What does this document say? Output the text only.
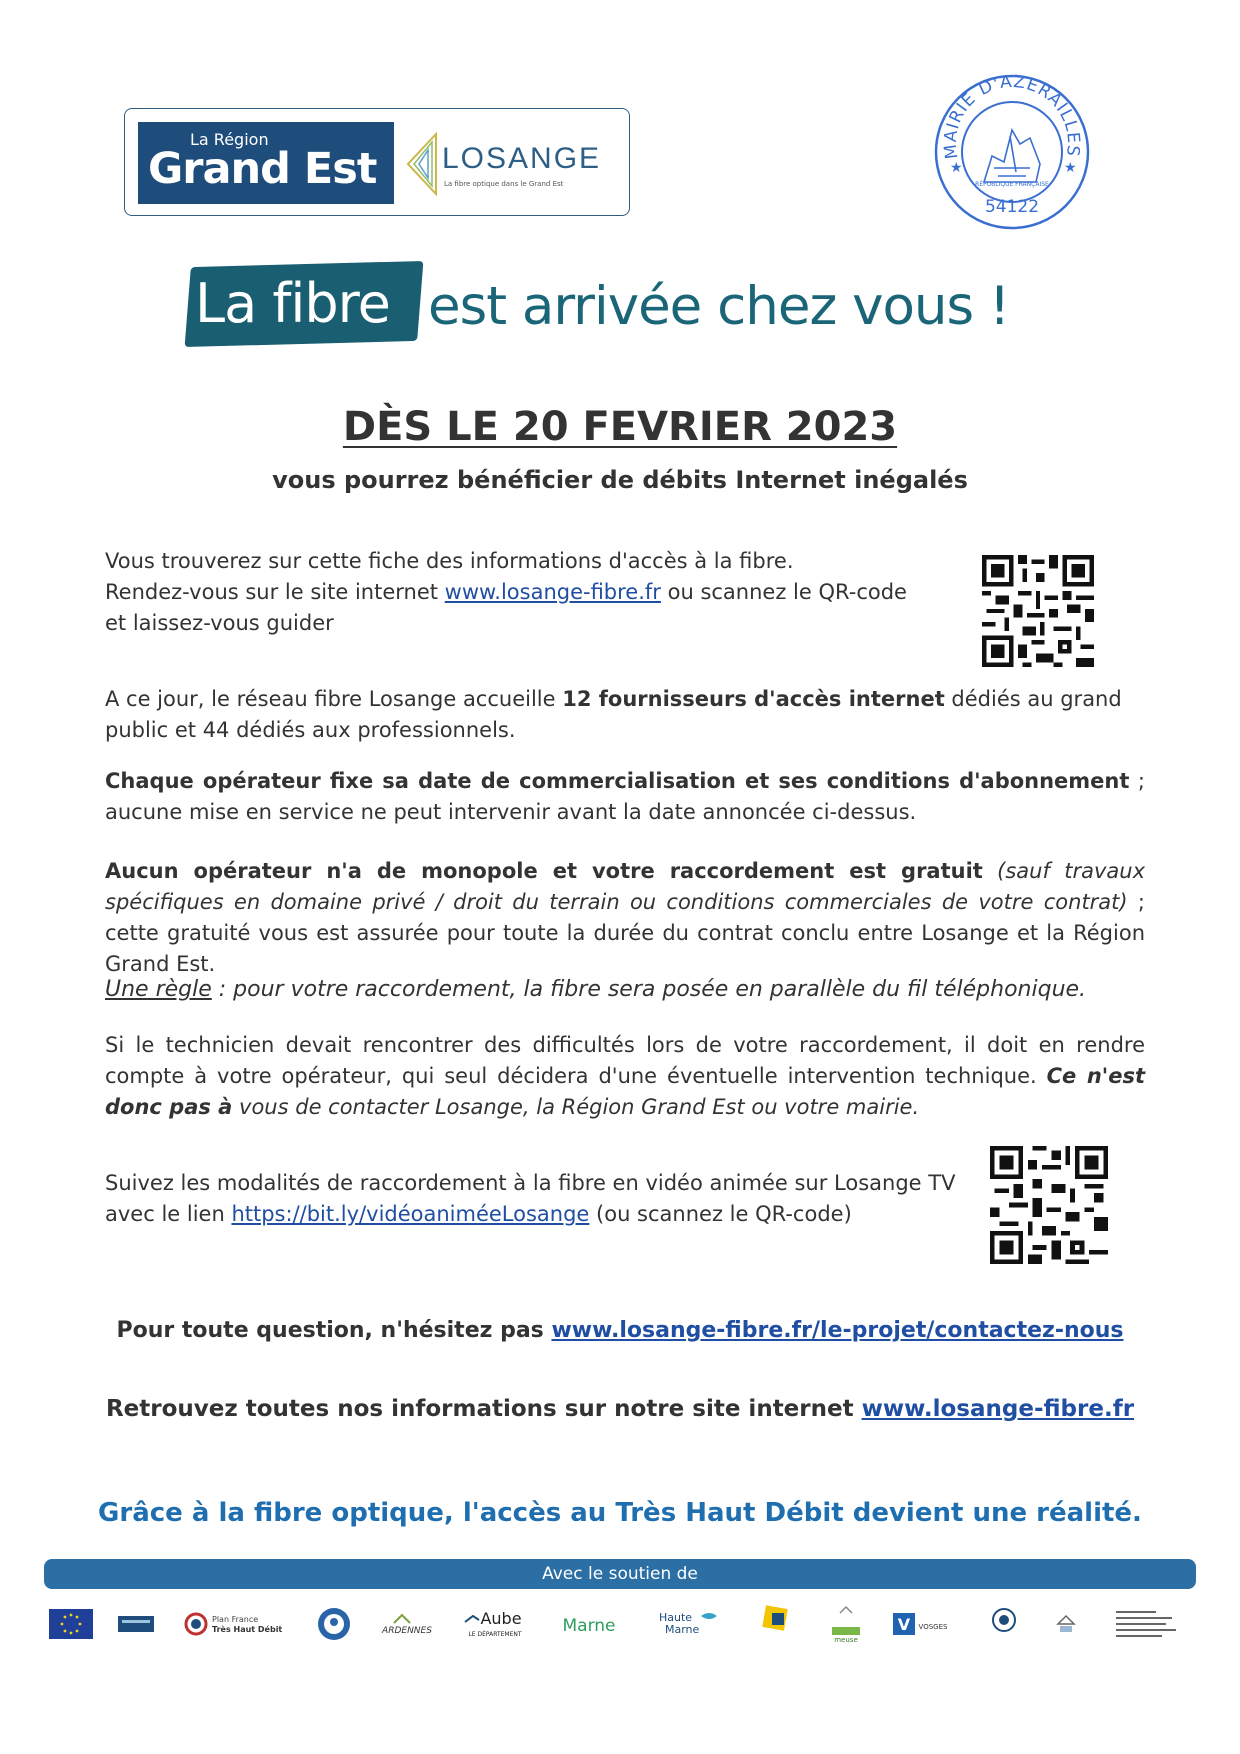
La Région
Grand Est LOSANGE
La fibre optique dans le Grand Est
MAIRIE D'AZERAILLES
★	★
RÉPUBLIQUE FRANÇAISE
54122
La fibre est arrivée chez vous !
DÈS LE 20 FEVRIER 2023
vous pourrez bénéficier de débits Internet inégalés
Vous trouverez sur cette fiche des informations d'accès à la fibre.
Rendez-vous sur le site internet www.losange-fibre.fr ou scannez le QR-code
et laissez-vous guider
A ce jour, le réseau fibre Losange accueille 12 fournisseurs d'accès internet dédiés au grand public et 44 dédiés aux professionnels.
Chaque opérateur fixe sa date de commercialisation et ses conditions d'abonnement ; aucune mise en service ne peut intervenir avant la date annoncée ci-dessus.
Aucun opérateur n'a de monopole et votre raccordement est gratuit (sauf travaux spécifiques en domaine privé / droit du terrain ou conditions commerciales de votre contrat) ; cette gratuité vous est assurée pour toute la durée du contrat conclu entre Losange et la Région Grand Est.
Une règle : pour votre raccordement, la fibre sera posée en parallèle du fil téléphonique.
Si le technicien devait rencontrer des difficultés lors de votre raccordement, il doit en rendre compte à votre opérateur, qui seul décidera d'une éventuelle intervention technique. Ce n'est donc pas à vous de contacter Losange, la Région Grand Est ou votre mairie.
Suivez les modalités de raccordement à la fibre en vidéo animée sur Losange TV
avec le lien https://bit.ly/vidéoaniméeLosange (ou scannez le QR-code)
Pour toute question, n'hésitez pas www.losange-fibre.fr/le-projet/contactez-nous
Retrouvez toutes nos informations sur notre site internet www.losange-fibre.fr
Grâce à la fibre optique, l'accès au Très Haut Débit devient une réalité.
Avec le soutien de
Plan France
Très Haut Débit	ARDENNES
Aube
LE DÉPARTEMENT Marne	Haute
Marne
meuse
V VOSGES
